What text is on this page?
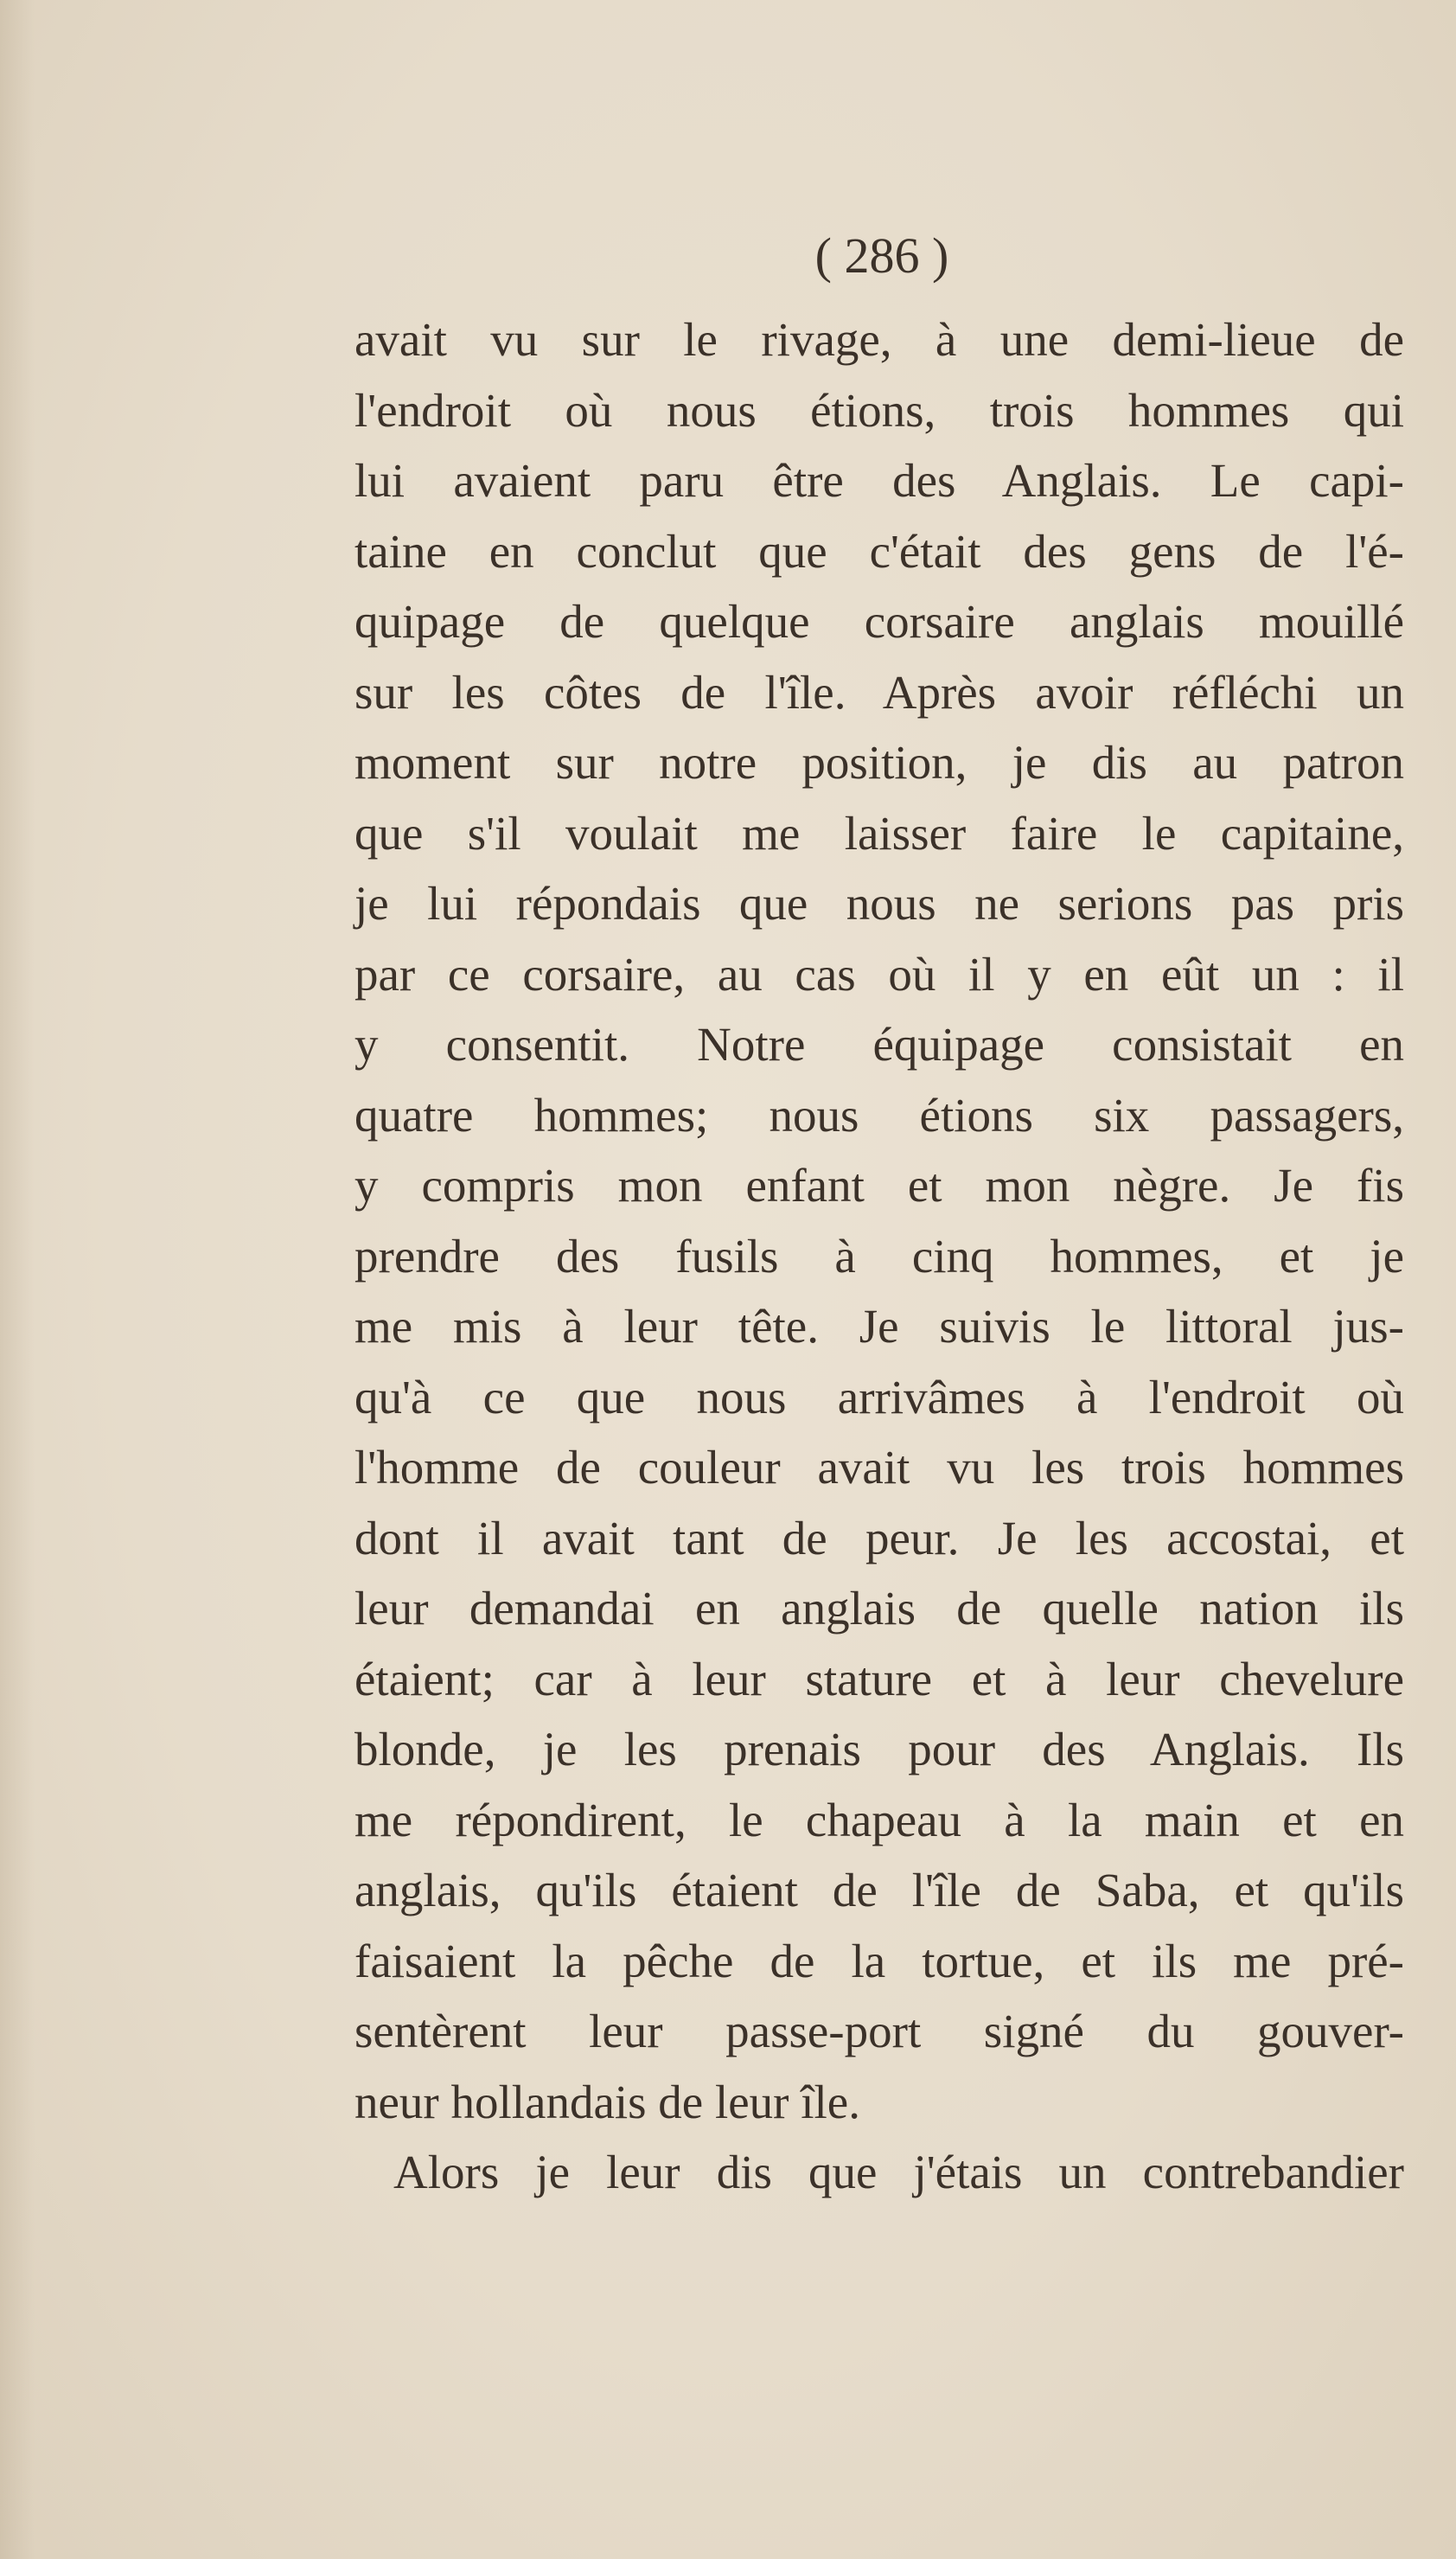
( 286 )
avait vu sur le rivage, à une demi-lieue de
l'endroit où nous étions, trois hommes qui
lui avaient paru être des Anglais. Le capi-
taine en conclut que c'était des gens de l'é-
quipage de quelque corsaire anglais mouillé
sur les côtes de l'île. Après avoir réfléchi un
moment sur notre position, je dis au patron
que s'il voulait me laisser faire le capitaine,
je lui répondais que nous ne serions pas pris
par ce corsaire, au cas où il y en eût un : il
y consentit. Notre équipage consistait en
quatre hommes; nous étions six passagers,
y compris mon enfant et mon nègre. Je fis
prendre des fusils à cinq hommes, et je
me mis à leur tête. Je suivis le littoral jus-
qu'à ce que nous arrivâmes à l'endroit où
l'homme de couleur avait vu les trois hommes
dont il avait tant de peur. Je les accostai, et
leur demandai en anglais de quelle nation ils
étaient; car à leur stature et à leur chevelure
blonde, je les prenais pour des Anglais. Ils
me répondirent, le chapeau à la main et en
anglais, qu'ils étaient de l'île de Saba, et qu'ils
faisaient la pêche de la tortue, et ils me pré-
sentèrent leur passe-port signé du gouver-
neur hollandais de leur île.
Alors je leur dis que j'étais un contrebandier
